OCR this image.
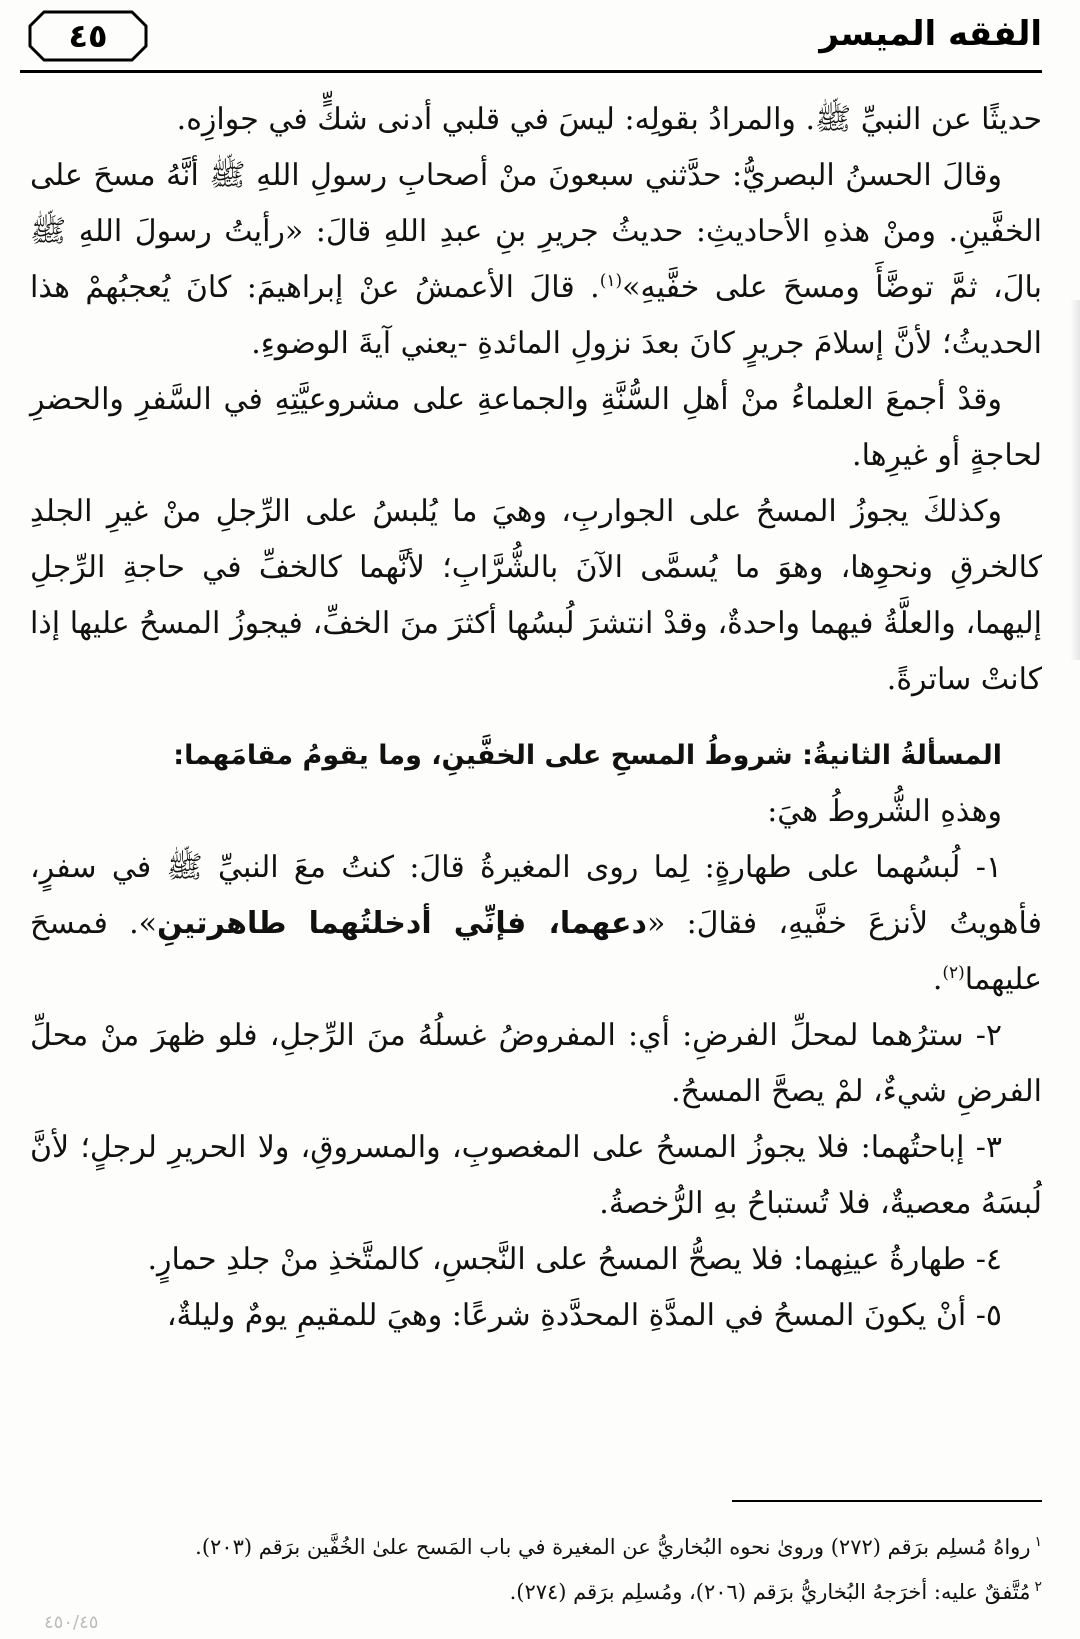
الفقه الميسر
٤٥

حديثًا عن النبيِّ ﷺ. والمرادُ بقولِه: ليسَ في قلبي أدنى شكٍّ في جوازِه.

وقالَ الحسنُ البصريُّ: حدَّثني سبعونَ منْ أصحابِ رسولِ اللهِ ﷺ أنَّهُ مسحَ على الخفَّينِ. ومنْ هذهِ الأحاديثِ: حديثُ جريرِ بنِ عبدِ اللهِ قالَ: «رأيتُ رسولَ اللهِ ﷺ بالَ، ثمَّ توضَّأَ ومسحَ على خفَّيهِ»$^{(١)}$. قالَ الأعمشُ عنْ إبراهيمَ: كانَ يُعجبُهمْ هذا الحديثُ؛ لأنَّ إسلامَ جريرٍ كانَ بعدَ نزولِ المائدةِ -يعني آيةَ الوضوءِ.

وقدْ أجمعَ العلماءُ منْ أهلِ السُّنَّةِ والجماعةِ على مشروعيَّتِهِ في السَّفرِ والحضرِ لحاجةٍ أو غيرِها.

وكذلكَ يجوزُ المسحُ على الجواربِ، وهيَ ما يُلبسُ على الرِّجلِ منْ غيرِ الجلدِ كالخرقِ ونحوِها، وهوَ ما يُسمَّى الآنَ بالشُّرَّابِ؛ لأنَّهما كالخفِّ في حاجةِ الرِّجلِ إليهما، والعلَّةُ فيهما واحدةٌ، وقدْ انتشرَ لُبسُها أكثرَ منَ الخفِّ، فيجوزُ المسحُ عليها إذا كانتْ ساترةً.

المسألةُ الثانيةُ: شروطُ المسحِ على الخفَّينِ، وما يقومُ مقامَهما:

وهذهِ الشُّروطُ هيَ:

١- لُبسُهما على طهارةٍ: لِما روى المغيرةُ قالَ: كنتُ معَ النبيِّ ﷺ في سفرٍ، فأهويتُ لأنزعَ خفَّيهِ، فقالَ: «دعهما، فإنِّي أدخلتُهما طاهرتينِ». فمسحَ عليهما$^{(٢)}$.

٢- سترُهما لمحلِّ الفرضِ: أي: المفروضُ غسلُهُ منَ الرِّجلِ، فلو ظهرَ منْ محلِّ الفرضِ شيءٌ، لمْ يصحَّ المسحُ.

٣- إباحتُهما: فلا يجوزُ المسحُ على المغصوبِ، والمسروقِ، ولا الحريرِ لرجلٍ؛ لأنَّ لُبسَهُ معصيةٌ، فلا تُستباحُ بهِ الرُّخصةُ.

٤- طهارةُ عينِهما: فلا يصحُّ المسحُ على النَّجسِ، كالمتَّخذِ منْ جلدِ حمارٍ.

٥- أنْ يكونَ المسحُ في المدَّةِ المحدَّدةِ شرعًا: وهيَ للمقيمِ يومٌ وليلةٌ،

$^١$رواهُ مُسلِم برَقم (٢٧٢) وروىٰ نحوه البُخاريُّ عن المغيرة في باب المَسح علىٰ الخُفَّين برَقم (٢٠٣).

$^٢$مُتَّفقٌ عليه: أخرَجهُ البُخاريُّ برَقم (٢٠٦)، ومُسلِم برَقم (٢٧٤).

٤٥٠/٤٥
